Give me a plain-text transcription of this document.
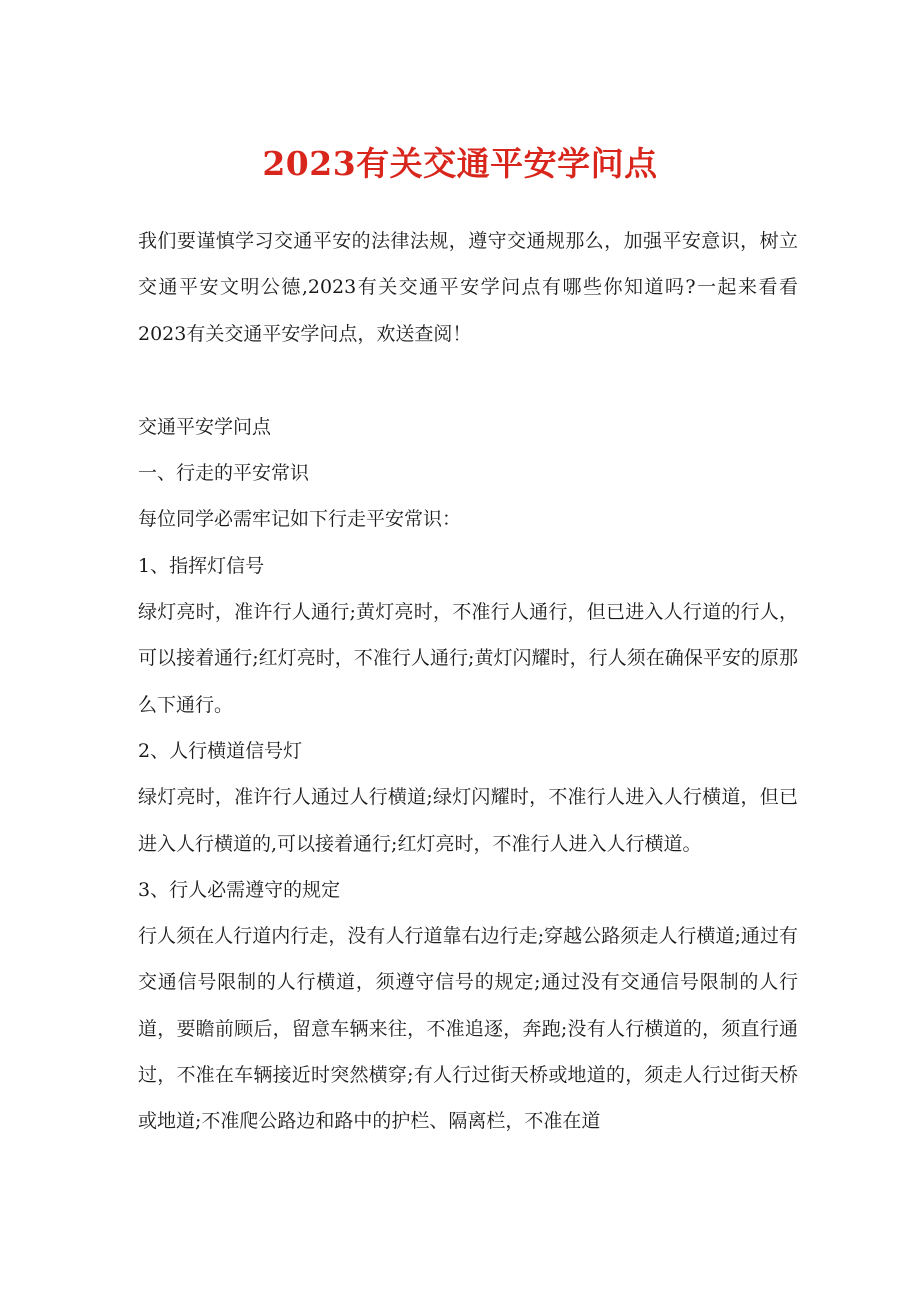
2023有关交通平安学问点

我们要谨慎学习交通平安的法律法规，遵守交通规那么，加强平安意识，树立交通平安文明公德,2023有关交通平安学问点有哪些你知道吗?一起来看看2023有关交通平安学问点，欢送查阅！

交通平安学问点

一、行走的平安常识

每位同学必需牢记如下行走平安常识：

1、指挥灯信号

绿灯亮时，准许行人通行;黄灯亮时，不准行人通行，但已进入人行道的行人，可以接着通行;红灯亮时，不准行人通行;黄灯闪耀时，行人须在确保平安的原那么下通行。

2、人行横道信号灯

绿灯亮时，准许行人通过人行横道;绿灯闪耀时，不准行人进入人行横道，但已进入人行横道的,可以接着通行;红灯亮时，不准行人进入人行横道。

3、行人必需遵守的规定

行人须在人行道内行走，没有人行道靠右边行走;穿越公路须走人行横道;通过有交通信号限制的人行横道，须遵守信号的规定;通过没有交通信号限制的人行道，要瞻前顾后，留意车辆来往，不准追逐，奔跑;没有人行横道的，须直行通过，不准在车辆接近时突然横穿;有人行过街天桥或地道的，须走人行过街天桥或地道;不准爬公路边和路中的护栏、隔离栏，不准在道
